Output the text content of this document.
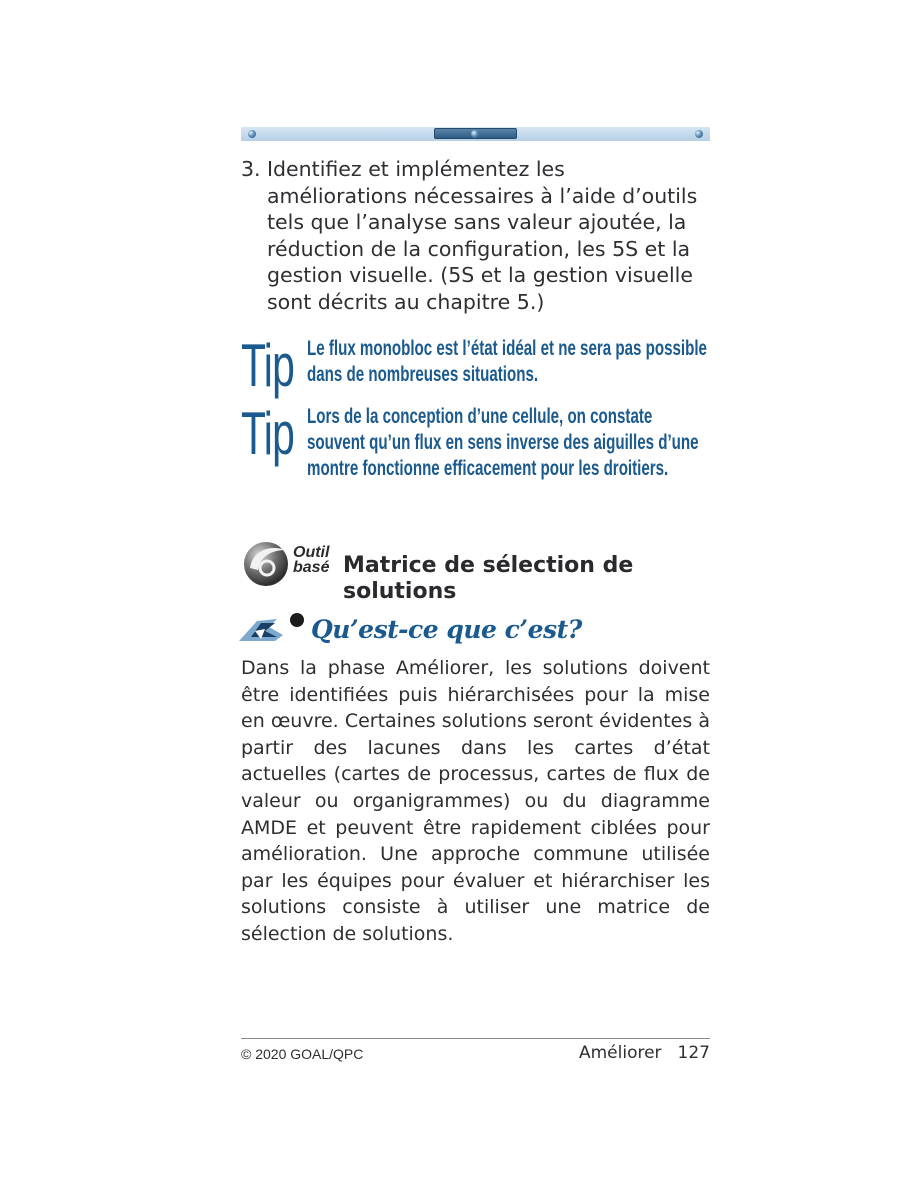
3. Identifiez et implémentez les améliorations nécessaires à l’aide d’outils tels que l’analyse sans valeur ajoutée, la réduction de la configuration, les 5S et la gestion visuelle. (5S et la gestion visuelle sont décrits au chapitre 5.)
Tip Le flux monobloc est l’état idéal et ne sera pas possible dans de nombreuses situations.
Tip Lors de la conception d’une cellule, on constate souvent qu’un flux en sens inverse des aiguilles d’une montre fonctionne efficacement pour les droitiers.
Outil
basé Matrice de sélection de solutions
Qu’est-ce que c’est?
Dans la phase Améliorer, les solutions doivent être identifiées puis hiérarchisées pour la mise en œuvre. Certaines solutions seront évidentes à partir des lacunes dans les cartes d’état actuelles (cartes de processus, cartes de flux de valeur ou organigrammes) ou du diagramme AMDE et peuvent être rapidement ciblées pour amélioration. Une approche commune utilisée par les équipes pour évaluer et hiérarchiser les solutions consiste à utiliser une matrice de sélection de solutions.
© 2020 GOAL/QPC	Améliorer 127
